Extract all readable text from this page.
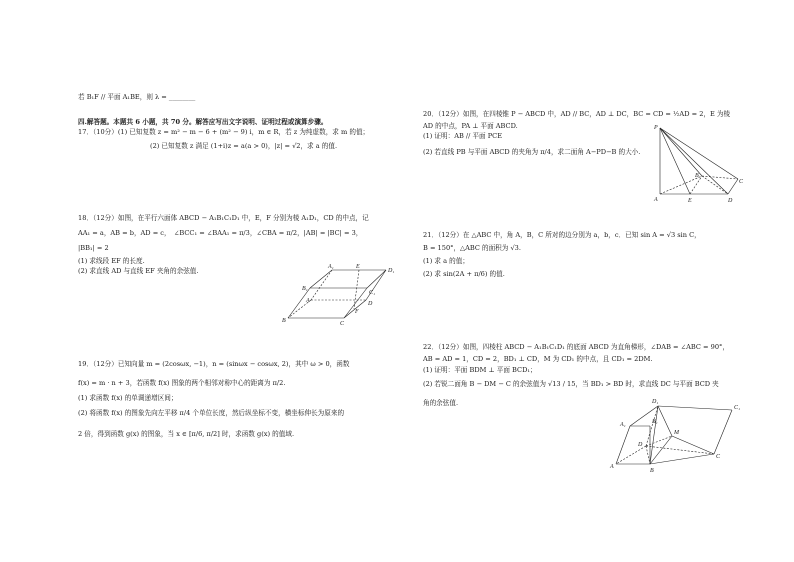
若 B₁F // 平面 A₁BE，则 λ = ________
四.解答题。本题共 6 小题，共 70 分。解答应写出文字说明、证明过程或演算步骤。
17．（10分）(1) 已知复数 z = m² − m − 6 + (m² − 9) i，m ∈ R，若 z 为纯虚数，求 m 的值；
(2) 已知复数 z 满足 (1+i)z = a(a > 0)，|z| = √2，求 a 的值.
18．（12分）如图，在平行六面体 ABCD − A₁B₁C₁D₁ 中，E，F 分别为棱 A₁D₁，CD 的中点，记
AA₁ = a，AB = b，AD = c，　∠BCC₁ = ∠BAA₁ = π/3，∠CBA = π/2，|AB| = |BC| = 3，
|BB₁| = 2
(1) 求线段 EF 的长度.
(2) 求直线 AD 与直线 EF 夹角的余弦值.	A₁
D₁
B₁
C₁
A	D
B	C
E
F
19．（12分）已知向量 m = (2cosωx, −1)，n = (sinωx − cosωx, 2)，其中 ω > 0，函数
f(x) = m · n + 3，若函数 f(x) 图象的两个相邻对称中心的距离为 π/2.
(1) 求函数 f(x) 的单调递增区间；
(2) 将函数 f(x) 的图象先向左平移 π/4 个单位长度，然后纵坐标不变，横坐标伸长为原来的
2 倍，得到函数 g(x) 的图象，当 x ∈ [π/6, π/2] 时，求函数 g(x) 的值域.
20．（12分）如图，在四棱锥 P − ABCD 中，AD // BC，AD ⊥ DC，BC = CD = ½AD = 2，E 为棱
AD 的中点，PA ⊥ 平面 ABCD.
(1) 证明：AB // 平面 PCE
(2) 若直线 PB 与平面 ABCD 的夹角为 π/4，求二面角 A−PD−B 的大小.
P
A	E	D
B
C
21．（12分）在 △ABC 中，角 A，B，C 所对的边分别为 a，b，c．已知 sin A = √3 sin C，
B = 150°，△ABC 的面积为 √3.
(1) 求 a 的值；
(2) 求 sin(2A + π/6) 的值.
22．（12分）如图，四棱柱 ABCD − A₁B₁C₁D₁ 的底面 ABCD 为直角梯形，∠DAB = ∠ABC = 90°，
AB = AD = 1，CD = 2，BD₁ ⊥ CD，M 为 CD₁ 的中点，且 CD₁ = 2DM.
(1) 证明：平面 BDM ⊥ 平面 BCD₁；
(2) 若锐二面角 B − DM − C 的余弦值为 √13 / 15，当 BD₁ > BD 时，求直线 DC 与平面 BCD 夹
角的余弦值.	D₁
C₁
A₁	B₁
M
D
C
A
B
